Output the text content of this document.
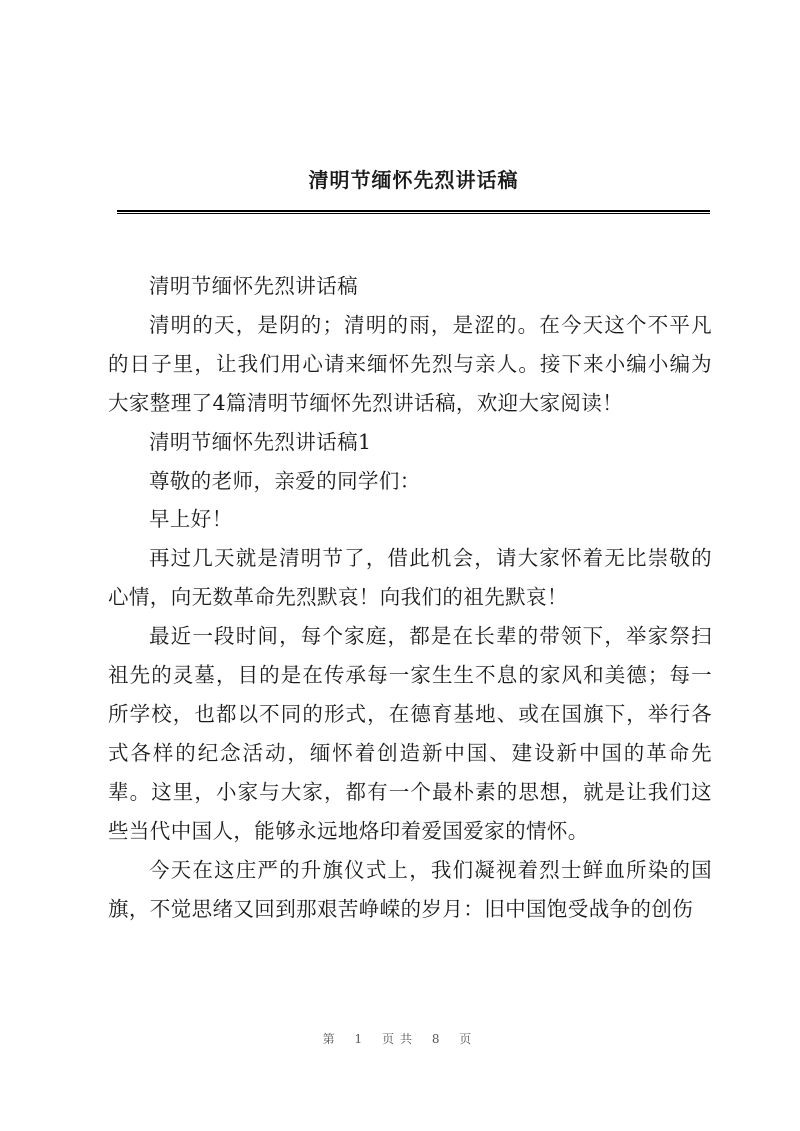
清明节缅怀先烈讲话稿

清明节缅怀先烈讲话稿

清明的天，是阴的；清明的雨，是涩的。在今天这个不平凡的日子里，让我们用心请来缅怀先烈与亲人。接下来小编小编为大家整理了4篇清明节缅怀先烈讲话稿，欢迎大家阅读！

清明节缅怀先烈讲话稿1

尊敬的老师，亲爱的同学们：

早上好！

再过几天就是清明节了，借此机会，请大家怀着无比崇敬的心情，向无数革命先烈默哀！向我们的祖先默哀！

最近一段时间，每个家庭，都是在长辈的带领下，举家祭扫祖先的灵墓，目的是在传承每一家生生不息的家风和美德；每一所学校，也都以不同的形式，在德育基地、或在国旗下，举行各式各样的纪念活动，缅怀着创造新中国、建设新中国的革命先辈。这里，小家与大家，都有一个最朴素的思想，就是让我们这些当代中国人，能够永远地烙印着爱国爱家的情怀。

今天在这庄严的升旗仪式上，我们凝视着烈士鲜血所染的国旗，不觉思绪又回到那艰苦峥嵘的岁月：旧中国饱受战争的创伤

第 1 页共 8 页
